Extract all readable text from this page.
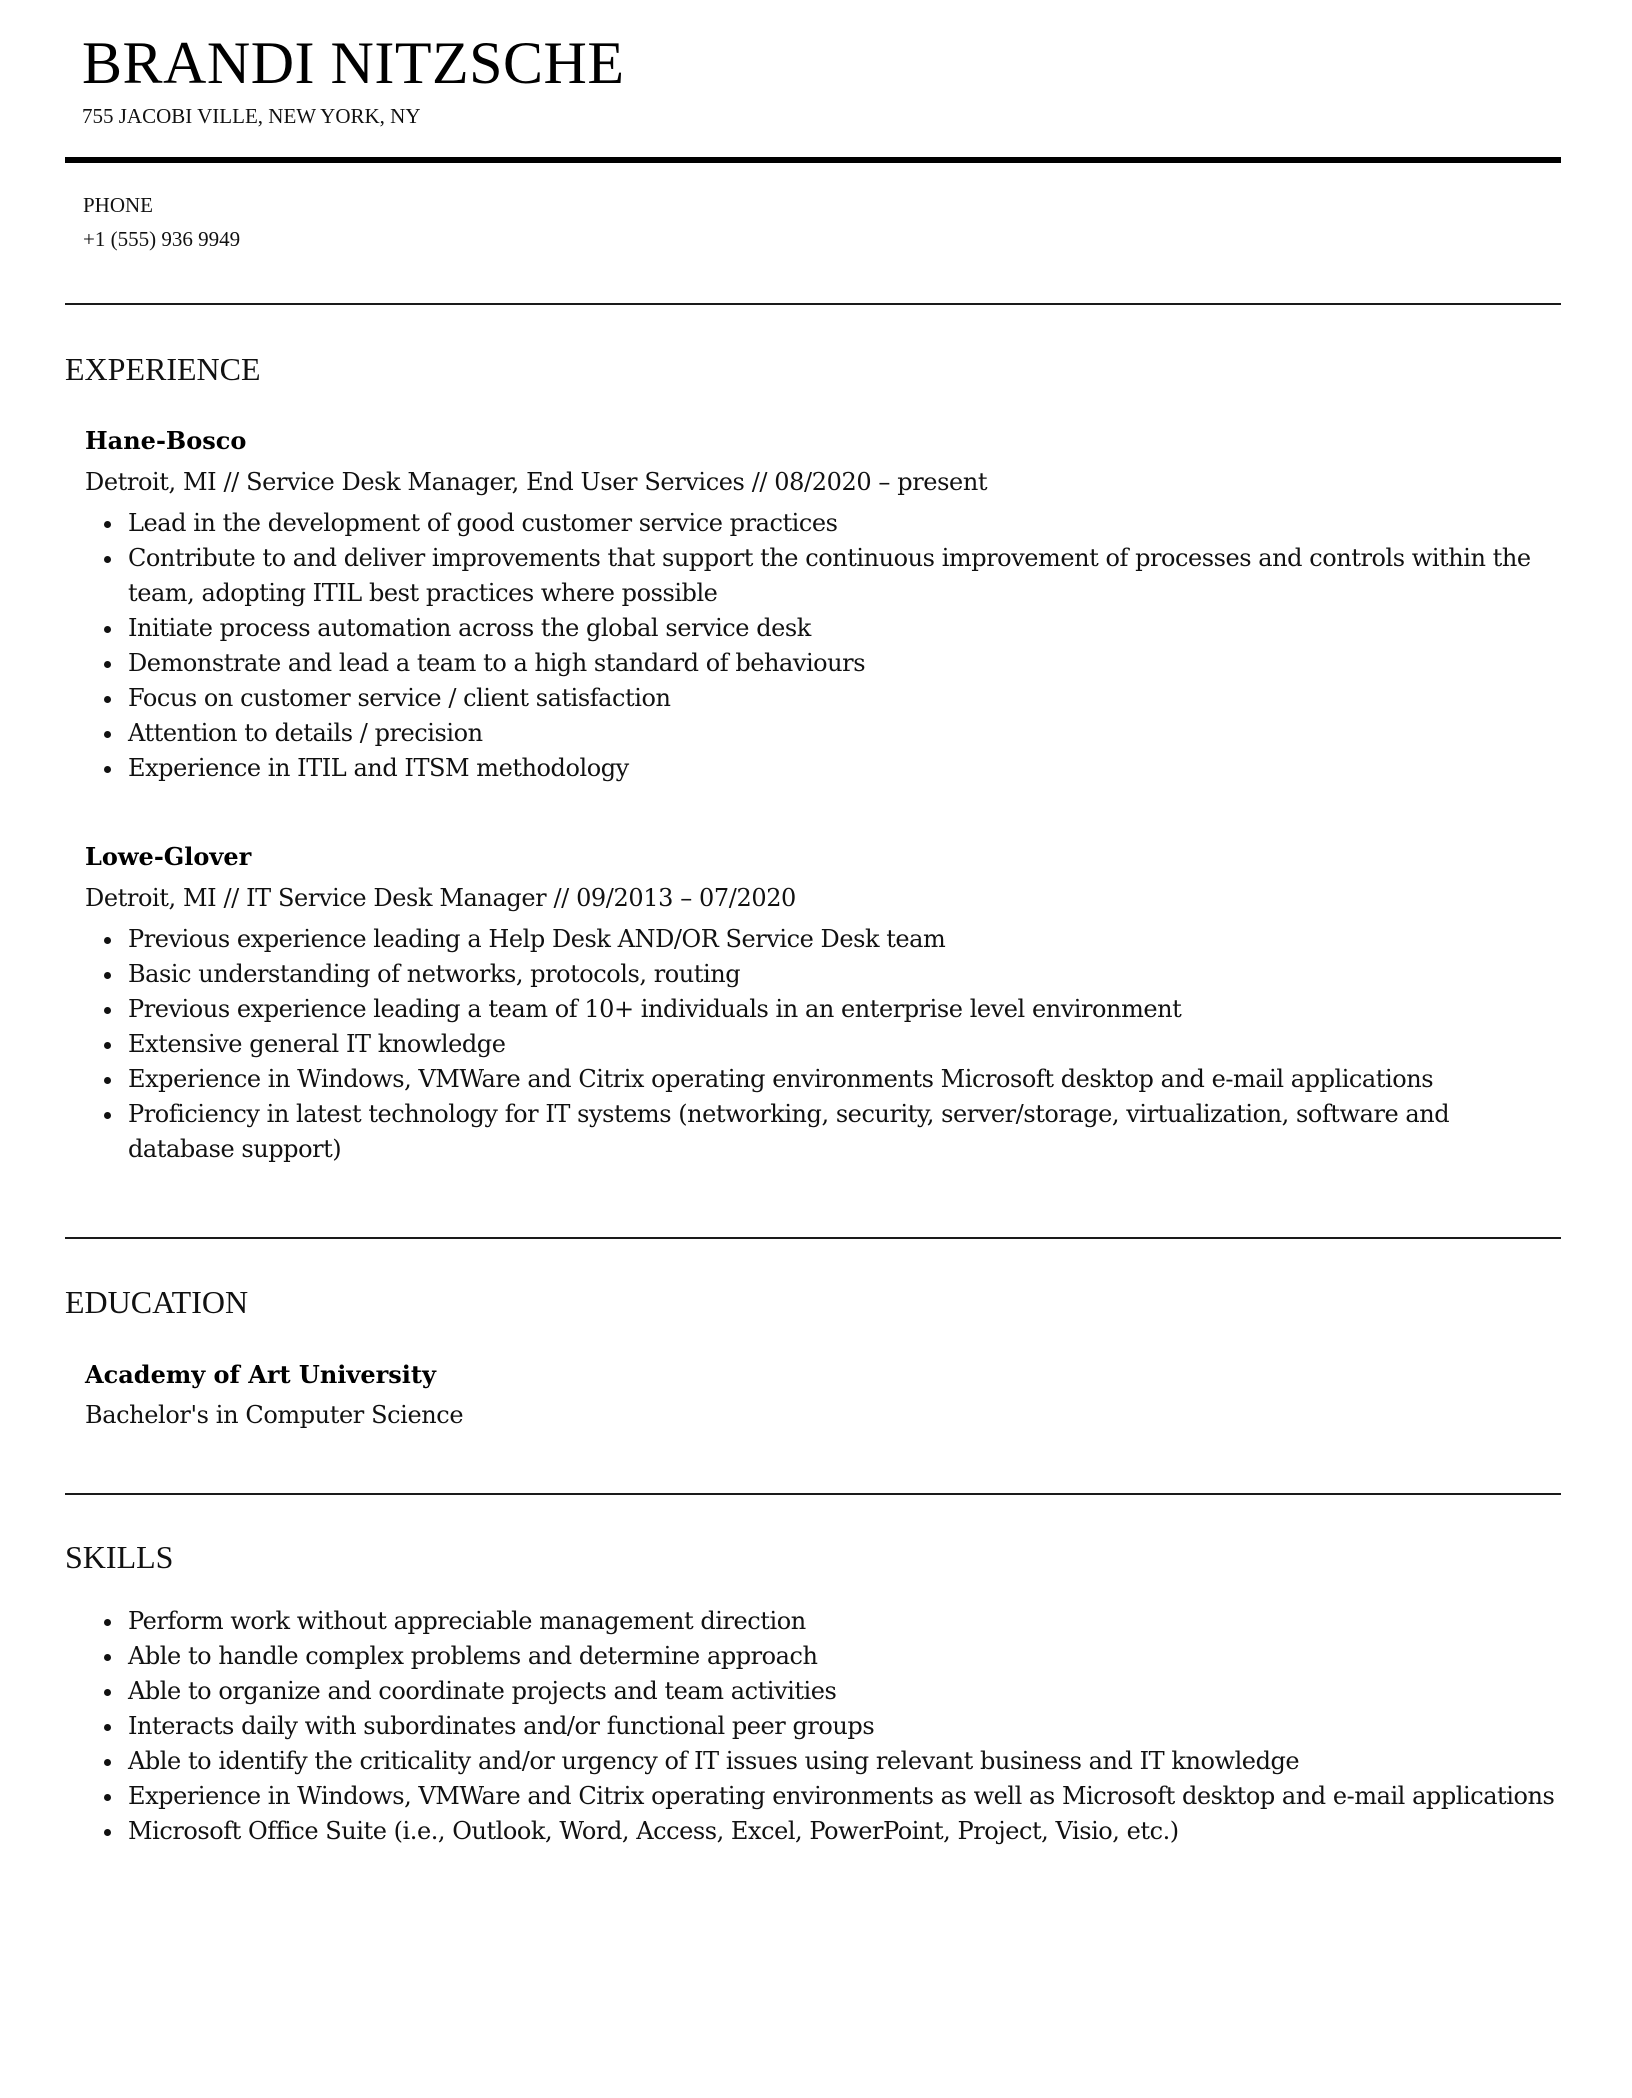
BRANDI NITZSCHE
755 JACOBI VILLE, NEW YORK, NY
PHONE
+1 (555) 936 9949
EXPERIENCE
Hane-Bosco
Detroit, MI // Service Desk Manager, End User Services // 08/2020 – present
Lead in the development of good customer service practices
Contribute to and deliver improvements that support the continuous improvement of processes and controls within the team, adopting ITIL best practices where possible
Initiate process automation across the global service desk
Demonstrate and lead a team to a high standard of behaviours
Focus on customer service / client satisfaction
Attention to details / precision
Experience in ITIL and ITSM methodology
Lowe-Glover
Detroit, MI // IT Service Desk Manager // 09/2013 – 07/2020
Previous experience leading a Help Desk AND/OR Service Desk team
Basic understanding of networks, protocols, routing
Previous experience leading a team of 10+ individuals in an enterprise level environment
Extensive general IT knowledge
Experience in Windows, VMWare and Citrix operating environments Microsoft desktop and e-mail applications
Proficiency in latest technology for IT systems (networking, security, server/storage, virtualization, software and database support)
EDUCATION
Academy of Art University
Bachelor's in Computer Science
SKILLS
Perform work without appreciable management direction
Able to handle complex problems and determine approach
Able to organize and coordinate projects and team activities
Interacts daily with subordinates and/or functional peer groups
Able to identify the criticality and/or urgency of IT issues using relevant business and IT knowledge
Experience in Windows, VMWare and Citrix operating environments as well as Microsoft desktop and e-mail applications
Microsoft Office Suite (i.e., Outlook, Word, Access, Excel, PowerPoint, Project, Visio, etc.)
